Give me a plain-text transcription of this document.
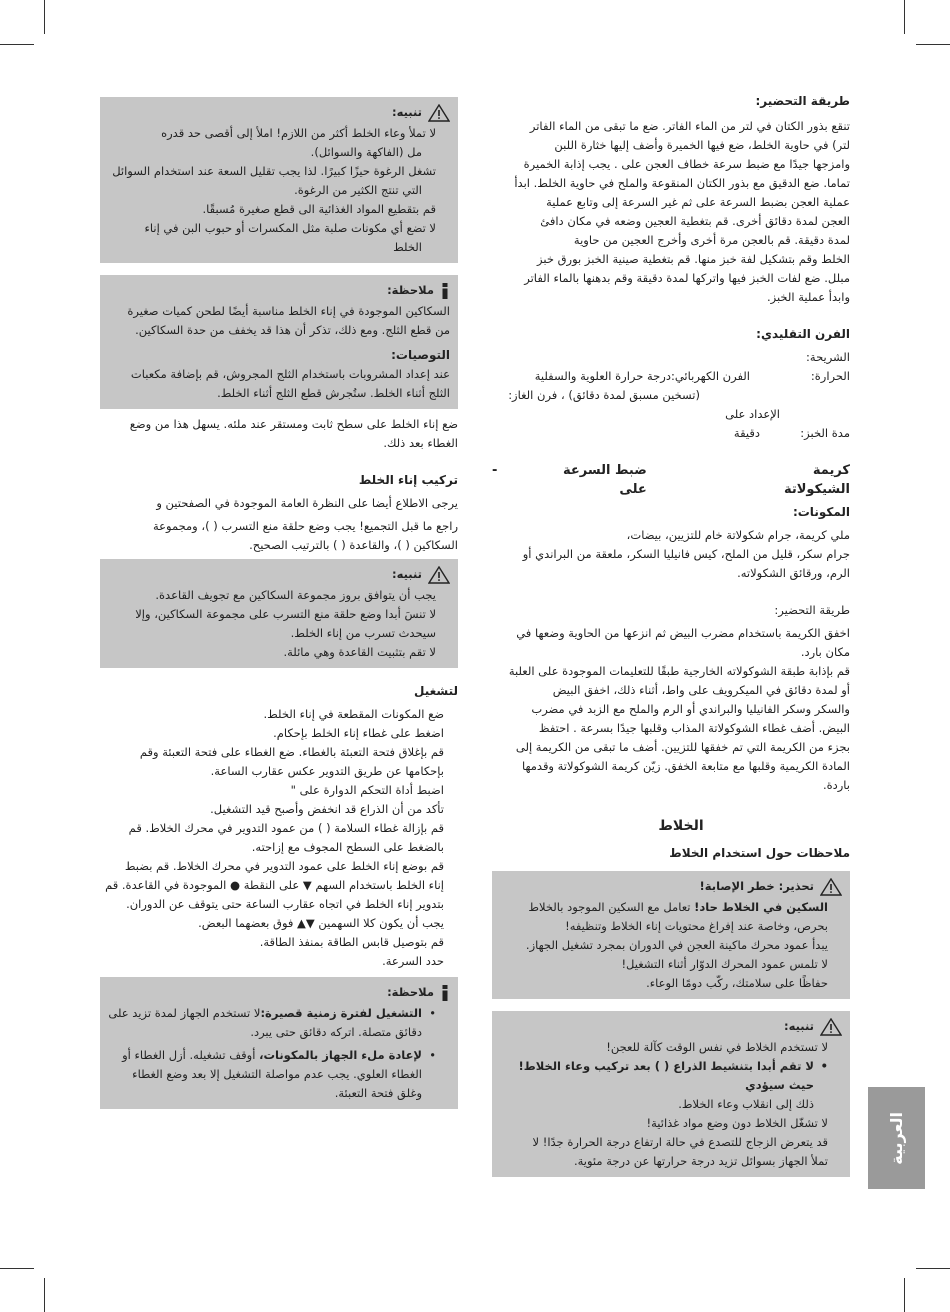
طريقة التحضير:

تنقع بذور الكتان في لتر من الماء الفاتر. ضع ما تبقى من الماء الفاتر

لتر) في حاوية الخلط، ضع فيها الخميرة وأضف إليها خثارة اللبن

وامزجها جيدًا مع ضبط سرعة خطاف العجن على . يجب إذابة الخميرة

تماما. ضع الدقيق مع بذور الكتان المنقوعة والملح في حاوية الخلط. ابدأ

عملية العجن بضبط السرعة على ثم غير السرعة إلى وتابع عملية

العجن لمدة دقائق أخرى. قم بتغطية العجين وضعه في مكان دافئ

لمدة دقيقة. قم بالعجن مرة أخرى وأخرج العجين من حاوية

الخلط وقم بتشكيل لفة خبز منها. قم بتغطية صينية الخبز بورق خبز

مبلل. ضع لفات الخبز فيها واتركها لمدة دقيقة وقم بدهنها بالماء الفاتر

وابدأ عملية الخبز.

الفرن التقليدي:

الشريحة:
الحرارة:
الفرن الكهربائي:درجة حرارة العلوية والسفلية
(تسخين مسبق لمدة دقائق) ، فرن الغاز:
الإعداد على
مدة الخبز:
دقيقة
كريمة الشيكولاتة
ضبط السرعة على
-

المكونات:

ملي كريمة، جرام شكولاتة خام للتزيين، بيضات،

جرام سكر، قليل من الملح، كيس فانيليا السكر، ملعقة من البراندي أو

الرم، ورقائق الشكولاته.

طريقة التحضير:

اخفق الكريمة باستخدام مضرب البيض ثم انزعها من الحاوية وضعها في

مكان بارد.

قم بإذابة طبقة الشوكولاته الخارجية طبقًا للتعليمات الموجودة على العلبة

أو لمدة دقائق في الميكرويف على واط، أثناء ذلك، اخفق البيض

والسكر وسكر الفانيليا والبراندي أو الرم والملح مع الزبد في مضرب

البيض. أضف غطاء الشوكولاتة المذاب وقلبها جيدًا بسرعة . احتفظ

بجزء من الكريمة التي تم خفقها للتزيين. أضف ما تبقى من الكريمة إلى

المادة الكريمية وقلبها مع متابعة الخفق. زيّن كريمة الشوكولاتة وقدمها

باردة.

الخلاط

ملاحظات حول استخدام الخلاط

تحذير: خطر الإصابة!

السكين في الخلاط حاد! تعامل مع السكين الموجود بالخلاط

بحرص، وخاصة عند إفراغ محتويات إناء الخلاط وتنظيفه!

يبدأ عمود محرك ماكينة العجن في الدوران بمجرد تشغيل الجهاز.

لا تلمس عمود المحرك الدوّار أثناء التشغيل!

حفاظًا على سلامتك، ركّب دومًا الوعاء.

تنبيه:

لا تستخدم الخلاط في نفس الوقت كآلة للعجن!

• لا تقم أبدا بتنشيط الذراع ( ) بعد تركيب وعاء الخلاط! حيث سيؤدي

ذلك إلى انقلاب وعاء الخلاط.

لا تشغّل الخلاط دون وضع مواد غذائية!

قد يتعرض الزجاج للتصدع في حالة ارتفاع درجة الحرارة جدًا! لا

تملأ الجهاز بسوائل تزيد درجة حرارتها عن درجة مئوية.

تنبيه:

لا تملأ وعاء الخلط أكثر من اللازم! املأ إلى أقصى حد قدره

مل (الفاكهة والسوائل).

تشغل الرغوة حيزًا كبيرًا. لذا يجب تقليل السعة عند استخدام السوائل

التي تنتج الكثير من الرغوة.

قم بتقطيع المواد الغذائية الى قطع صغيرة مُسبقًا.

لا تضع أي مكونات صلبة مثل المكسرات أو حبوب البن في إناء

الخلط

ملاحظة:

السكاكين الموجودة في إناء الخلط مناسبة أيضًا لطحن كميات صغيرة

من قطع الثلج. ومع ذلك، تذكر أن هذا قد يخفف من حدة السكاكين.

التوصيات:

عند إعداد المشروبات باستخدام الثلج المجروش، قم بإضافة مكعبات

الثلج أثناء الخلط. ستُجرش قطع الثلج أثناء الخلط.

ضع إناء الخلط على سطح ثابت ومستقر عند ملئه. يسهل هذا من وضع

الغطاء بعد ذلك.

تركيب إناء الخلط

يرجى الاطلاع أيضا على النظرة العامة الموجودة في الصفحتين و

راجع ما قبل التجميع! يجب وضع حلقة منع التسرب ( )، ومجموعة

السكاكين ( )، والقاعدة ( ) بالترتيب الصحيح.

تنبيه:

يجب أن يتوافق بروز مجموعة السكاكين مع تجويف القاعدة.

لا تنسَ أبدا وضع حلقة منع التسرب على مجموعة السكاكين، وإلا

سيحدث تسرب من إناء الخلط.

لا تقم بتثبيت القاعدة وهي مائلة.

لتشغيل

ضع المكونات المقطعة في إناء الخلط.

اضغط على غطاء إناء الخلط بإحكام.

قم بإغلاق فتحة التعبئة بالغطاء. ضع الغطاء على فتحة التعبئة وقم

بإحكامها عن طريق التدوير عكس عقارب الساعة.

اضبط أداة التحكم الدوارة على "

تأكد من أن الذراع قد انخفض وأصبح قيد التشغيل.

قم بإزالة غطاء السلامة ( ) من عمود التدوير في محرك الخلاط. قم

بالضغط على السطح المجوف مع إزاحته.

قم بوضع إناء الخلط على عمود التدوير في محرك الخلاط. قم بضبط

إناء الخلط باستخدام السهم ▼ على النقطة ● الموجودة في القاعدة. قم

بتدوير إناء الخلط في اتجاه عقارب الساعة حتى يتوقف عن الدوران.

يجب أن يكون كلا السهمين ▼▲ فوق بعضهما البعض.

قم بتوصيل قابس الطاقة بمنفذ الطاقة.

حدد السرعة.

ملاحظة:

• التشغيل لفترة زمنية قصيرة:لا تستخدم الجهاز لمدة تزيد على دقائق متصلة. اتركه دقائق حتى يبرد.

• لإعادة ملء الجهاز بالمكونات، أوقف تشغيله. أزل الغطاء أو الغطاء العلوي. يجب عدم مواصلة التشغيل إلا بعد وضع الغطاء وغلق فتحة التعبئة.

العربية
